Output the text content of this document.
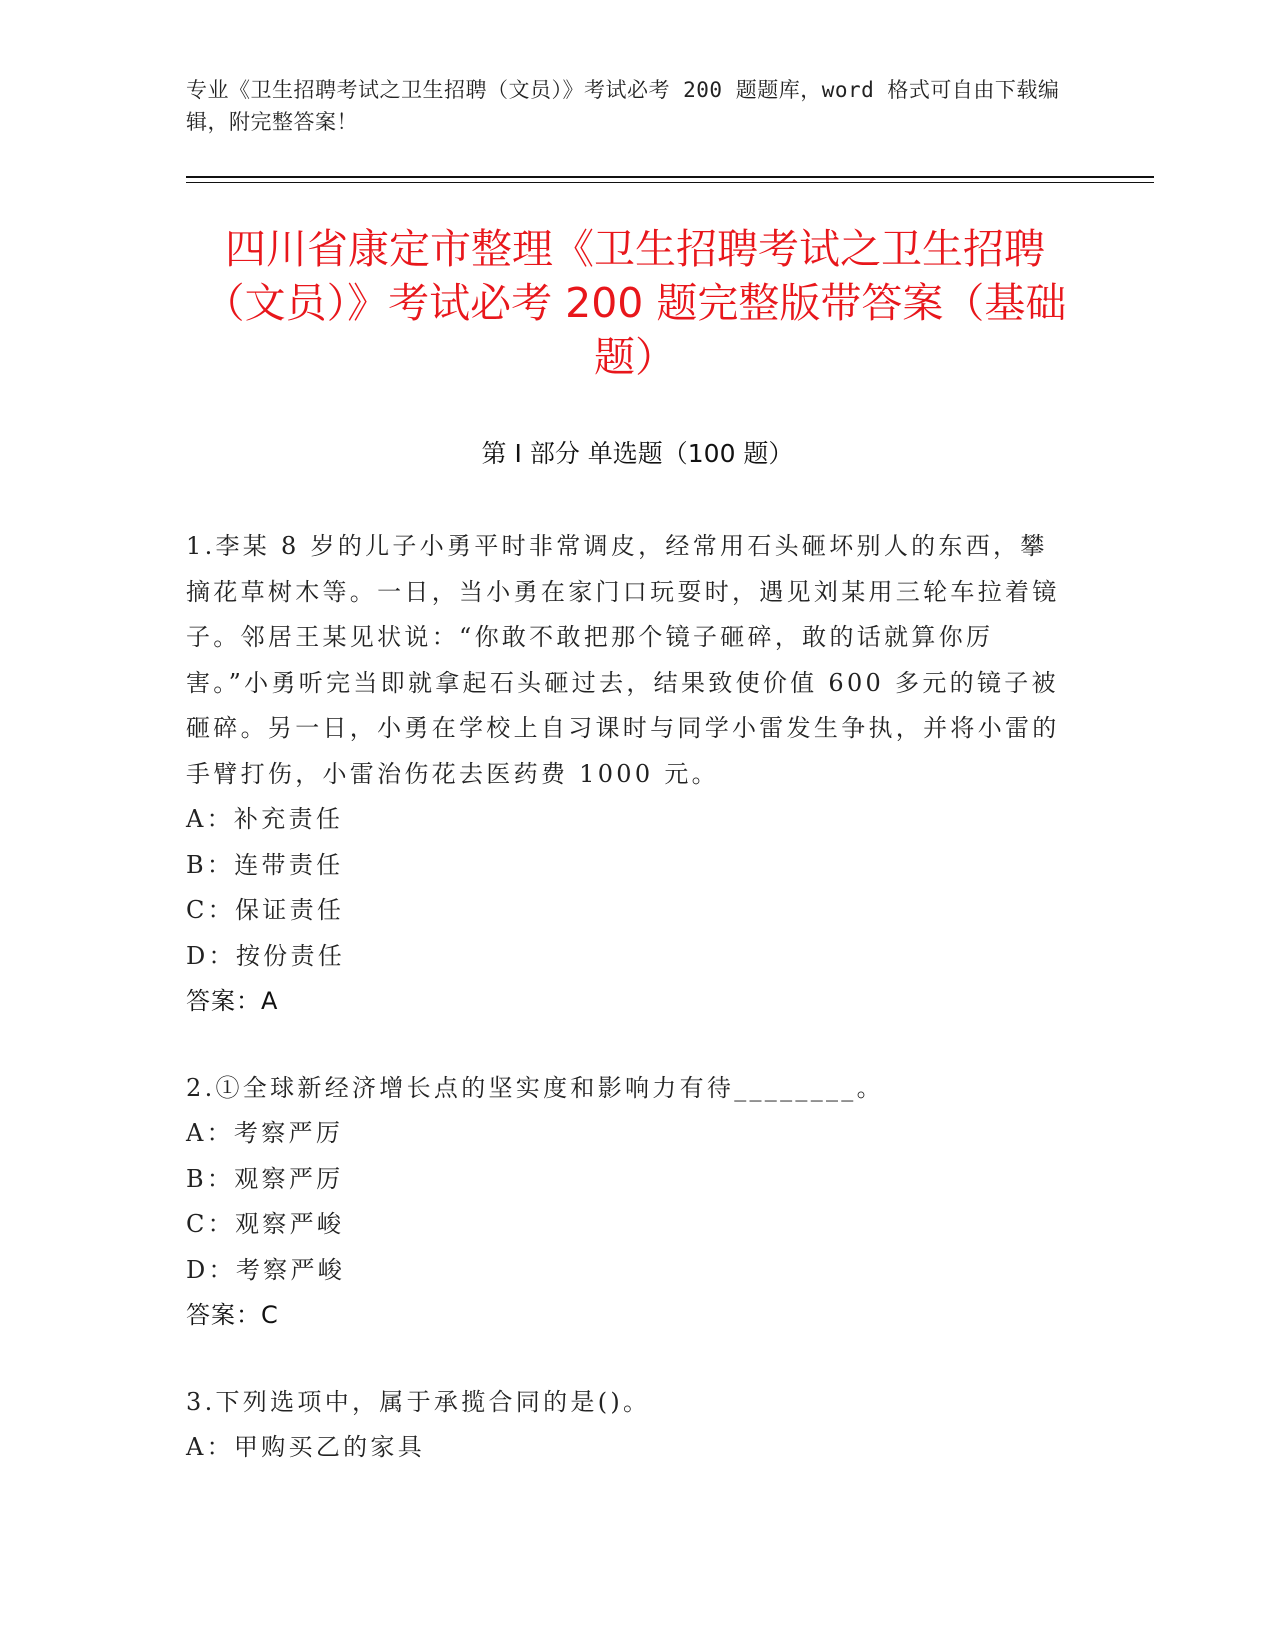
专业《卫生招聘考试之卫生招聘（文员）》考试必考 200 题题库，word 格式可自由下载编辑，附完整答案！
四川省康定市整理《卫生招聘考试之卫生招聘（文员）》考试必考 200 题完整版带答案（基础题）
第 I 部分 单选题（100 题）

1.李某 8 岁的儿子小勇平时非常调皮，经常用石头砸坏别人的东西，攀摘花草树木等。一日，当小勇在家门口玩耍时，遇见刘某用三轮车拉着镜子。邻居王某见状说：“你敢不敢把那个镜子砸碎，敢的话就算你厉害。”小勇听完当即就拿起石头砸过去，结果致使价值 600 多元的镜子被砸碎。另一日，小勇在学校上自习课时与同学小雷发生争执，并将小雷的手臂打伤，小雷治伤花去医药费 1000 元。

A：补充责任

B：连带责任

C：保证责任

D：按份责任

答案：A

2.①全球新经济增长点的坚实度和影响力有待________。

A：考察严厉

B：观察严厉

C：观察严峻

D：考察严峻

答案：C

3.下列选项中，属于承揽合同的是()。

A：甲购买乙的家具
